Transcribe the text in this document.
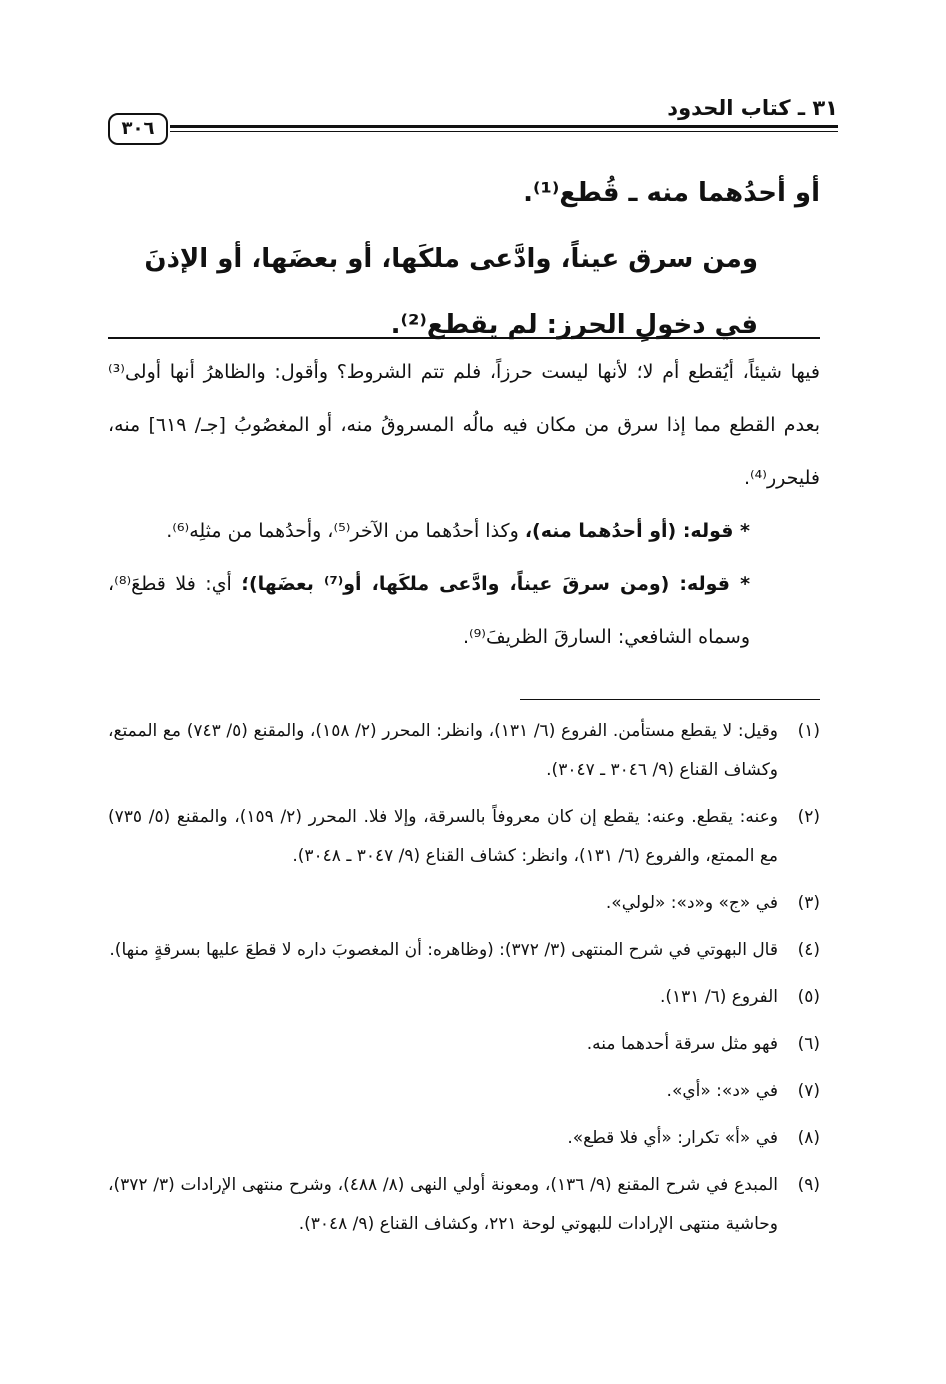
٣١ ـ كتاب الحدود
٣٠٦

أو أحدُهما منه ـ قُطع⁽¹⁾.

ومن سرق عيناً، وادَّعى ملكَها، أو بعضَها، أو الإذنَ في دخولِ الحرز: لم يقطع⁽²⁾.

فيها شيئاً، أيُقطع أم لا؛ لأنها ليست حرزاً، فلم تتم الشروط؟ وأقول: والظاهرُ أنها أولى⁽³⁾ بعدم القطع مما إذا سرق من مكان فيه مالُه المسروقُ منه، أو المغصُوبُ [جـ/ ٦١٩] منه، فليحرر⁽⁴⁾.

* قوله: (أو أحدُهما منه)، وكذا أحدُهما من الآخر⁽⁵⁾، وأحدُهما من مثلِه⁽⁶⁾.

* قوله: (ومن سرقَ عيناً، وادَّعى ملكَها، أو⁽⁷⁾ بعضَها)؛ أي: فلا قطعَ⁽⁸⁾، وسماه الشافعي: السارقَ الظريفَ⁽⁹⁾.

(١)
وقيل: لا يقطع مستأمن. الفروع (٦/ ١٣١)، وانظر: المحرر (٢/ ١٥٨)، والمقنع (٥/ ٧٤٣) مع الممتع، وكشاف القناع (٩/ ٣٠٤٦ ـ ٣٠٤٧).
(٢)
وعنه: يقطع. وعنه: يقطع إن كان معروفاً بالسرقة، وإلا فلا. المحرر (٢/ ١٥٩)، والمقنع (٥/ ٧٣٥) مع الممتع، والفروع (٦/ ١٣١)، وانظر: كشاف القناع (٩/ ٣٠٤٧ ـ ٣٠٤٨).
(٣)
في «ج» و«د»: «لولي».
(٤)
قال البهوتي في شرح المنتهى (٣/ ٣٧٢): (وظاهره: أن المغصوبَ داره لا قطعَ عليها بسرقةٍ منها).
(٥)
الفروع (٦/ ١٣١).
(٦)
فهو مثل سرقة أحدهما منه.
(٧)
في «د»: «أي».
(٨)
في «أ» تكرار: «أي فلا قطع».
(٩)
المبدع في شرح المقنع (٩/ ١٣٦)، ومعونة أولي النهى (٨/ ٤٨٨)، وشرح منتهى الإرادات (٣/ ٣٧٢)، وحاشية منتهى الإرادات للبهوتي لوحة ٢٢١، وكشاف القناع (٩/ ٣٠٤٨).
